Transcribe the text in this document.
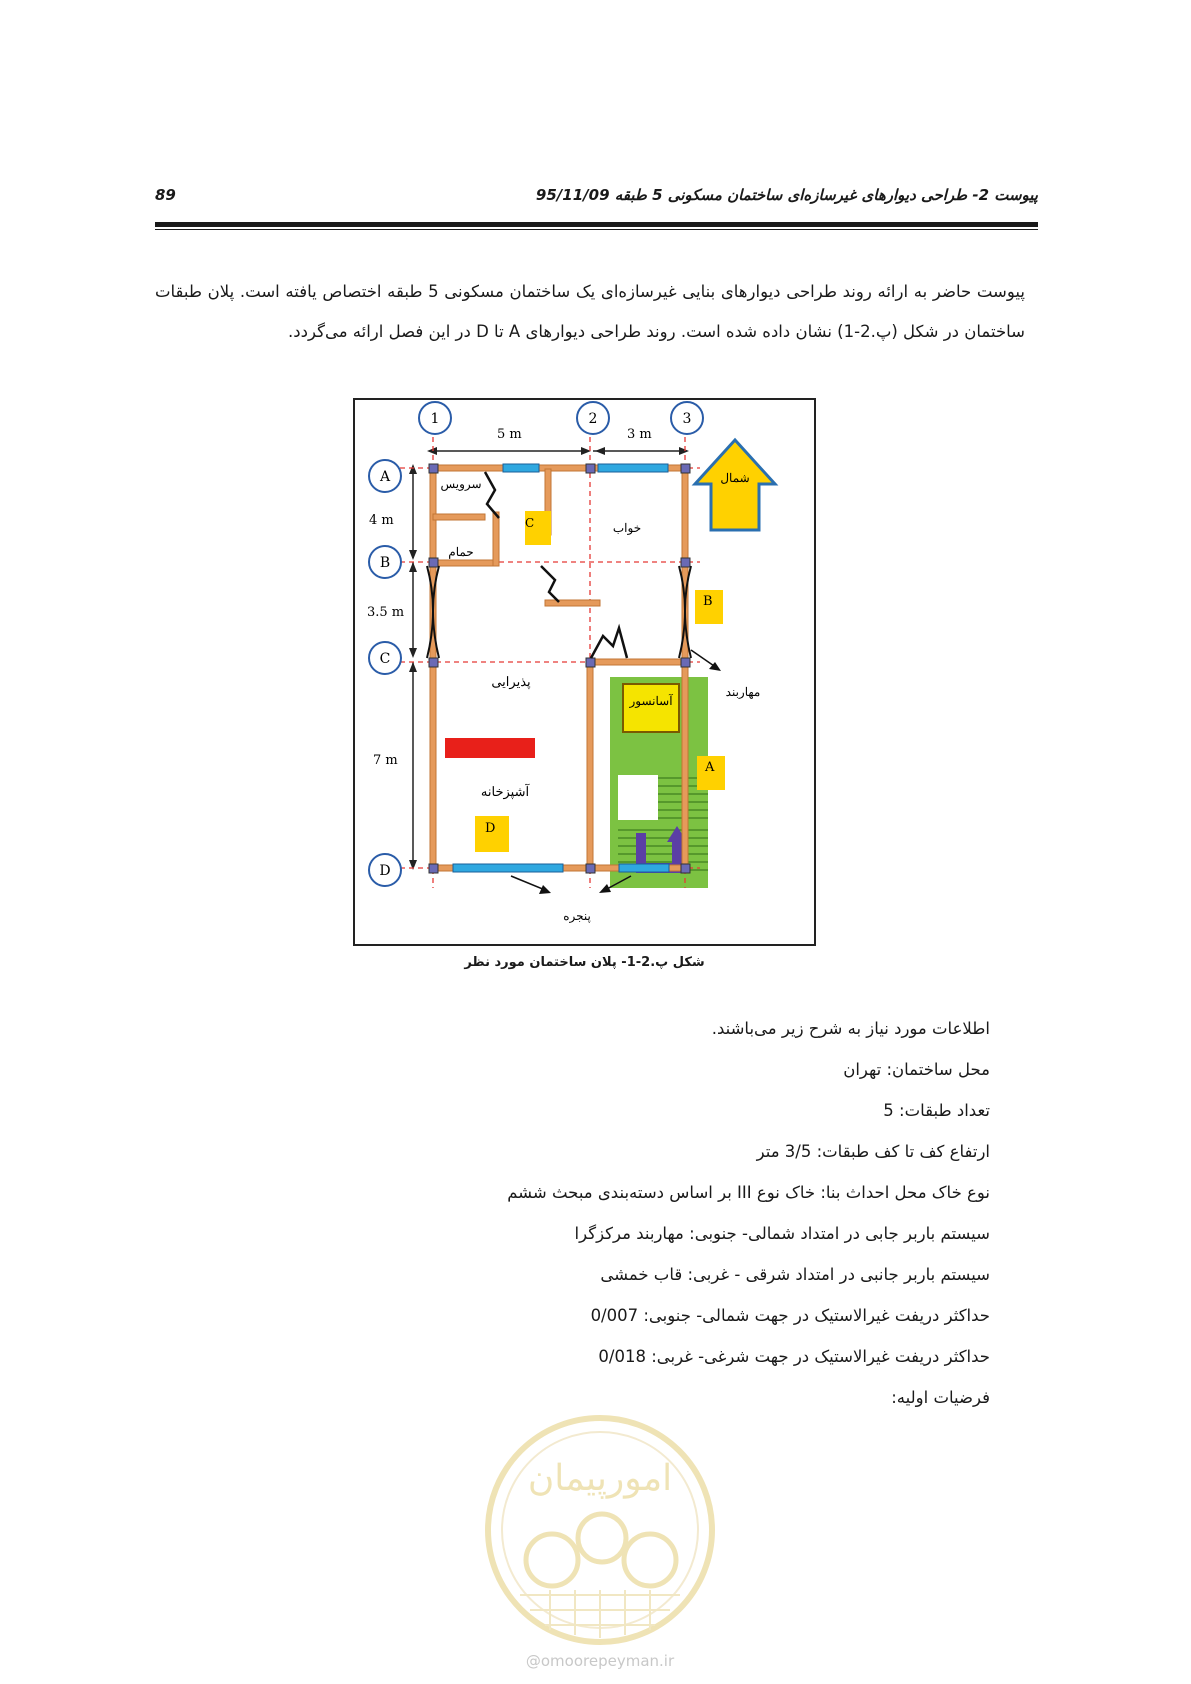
پیوست 2- طراحی دیوارهای غیرسازه‌ای ساختمان مسکونی 5 طبقه 95/11/09
89
پیوست حاضر به ارائه روند طراحی دیوارهای بنایی غیرسازه‌ای یک ساختمان مسکونی 5 طبقه اختصاص یافته است. پلان طبقات ساختمان در شکل (پ.2-1) نشان داده شده است. روند طراحی دیوارهای A تا D در این فصل ارائه می‌گردد.
آسانسور
5 m	3 m
4 m
3.5 m
7 m
C
B
A
D
شمال
سرویس
حمام
خواب
پذیرایی
آشپزخانه
مهاربند
پنجره
1	2	3
A
B
C
D
شکل پ.2-1- پلان ساختمان مورد نظر
اطلاعات مورد نیاز به شرح زیر می‌باشند.
محل ساختمان: تهران
تعداد طبقات: 5
ارتفاع کف تا کف طبقات: 3/5 متر
نوع خاک محل احداث بنا: خاک نوع III بر اساس دسته‌بندی مبحث ششم
سیستم باربر جابی در امتداد شمالی- جنوبی: مهاربند مرکزگرا
سیستم باربر جانبی در امتداد شرقی - غربی: قاب خمشی
حداکثر دریفت غیرالاستیک در جهت شمالی- جنوبی: 0/007
حداکثر دریفت غیرالاستیک در جهت شرغی- غربی: 0/018
فرضیات اولیه:
امورپیمان
@omoorepeyman.ir
